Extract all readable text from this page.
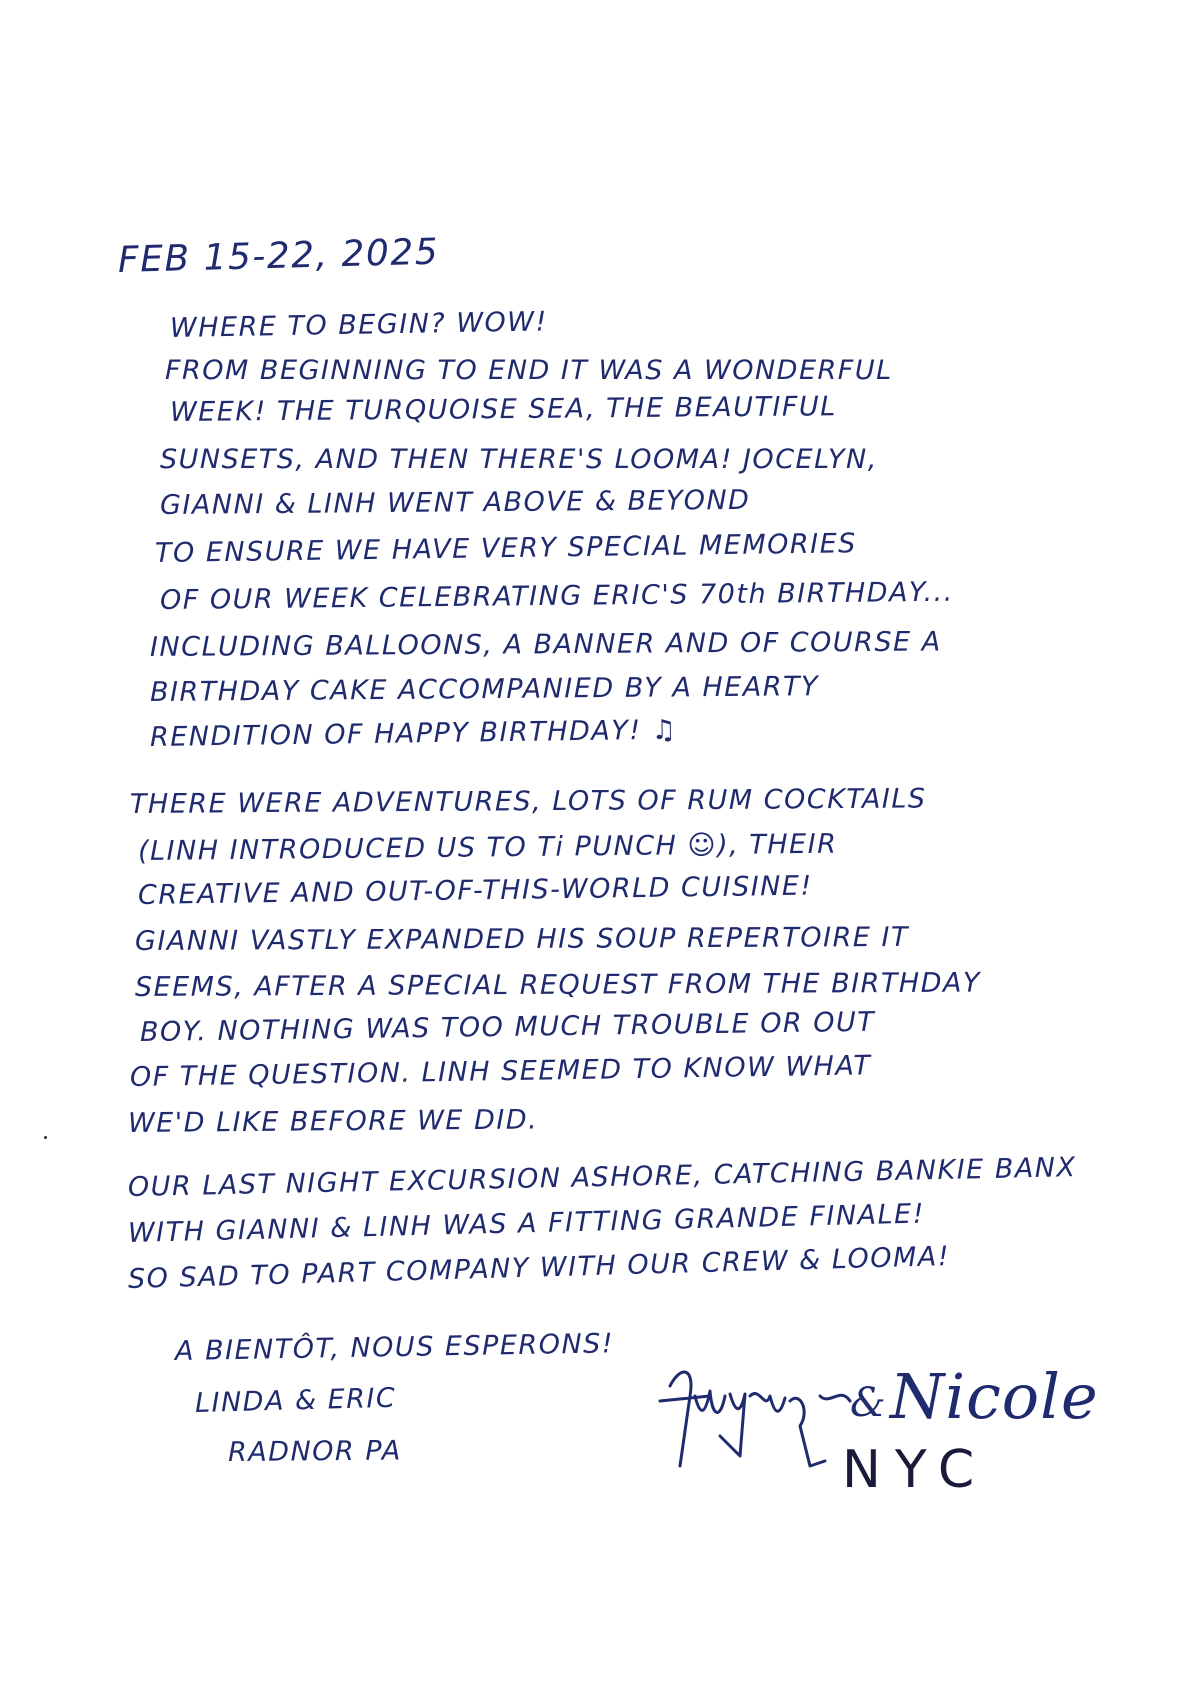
FEB 15-22, 2025
WHERE TO BEGIN? WOW!
FROM BEGINNING TO END IT WAS A WONDERFUL
WEEK! THE TURQUOISE SEA, THE BEAUTIFUL
SUNSETS, AND THEN THERE'S LOOMA! JOCELYN,
GIANNI & LINH WENT ABOVE & BEYOND
TO ENSURE WE HAVE VERY SPECIAL MEMORIES
OF OUR WEEK CELEBRATING ERIC'S 70th BIRTHDAY...
INCLUDING BALLOONS, A BANNER AND OF COURSE A
BIRTHDAY CAKE ACCOMPANIED BY A HEARTY
RENDITION OF HAPPY BIRTHDAY! ♫
THERE WERE ADVENTURES, LOTS OF RUM COCKTAILS
(LINH INTRODUCED US TO Ti PUNCH ☺), THEIR
CREATIVE AND OUT-OF-THIS-WORLD CUISINE!
GIANNI VASTLY EXPANDED HIS SOUP REPERTOIRE IT
SEEMS, AFTER A SPECIAL REQUEST FROM THE BIRTHDAY
BOY. NOTHING WAS TOO MUCH TROUBLE OR OUT
OF THE QUESTION. LINH SEEMED TO KNOW WHAT
WE'D LIKE BEFORE WE DID.
OUR LAST NIGHT EXCURSION ASHORE, CATCHING BANKIE BANX
WITH GIANNI & LINH WAS A FITTING GRANDE FINALE!
SO SAD TO PART COMPANY WITH OUR CREW & LOOMA!
A BIENTÔT, NOUS ESPERONS!
LINDA & ERIC
RADNOR PA
& Nicole
NYC
